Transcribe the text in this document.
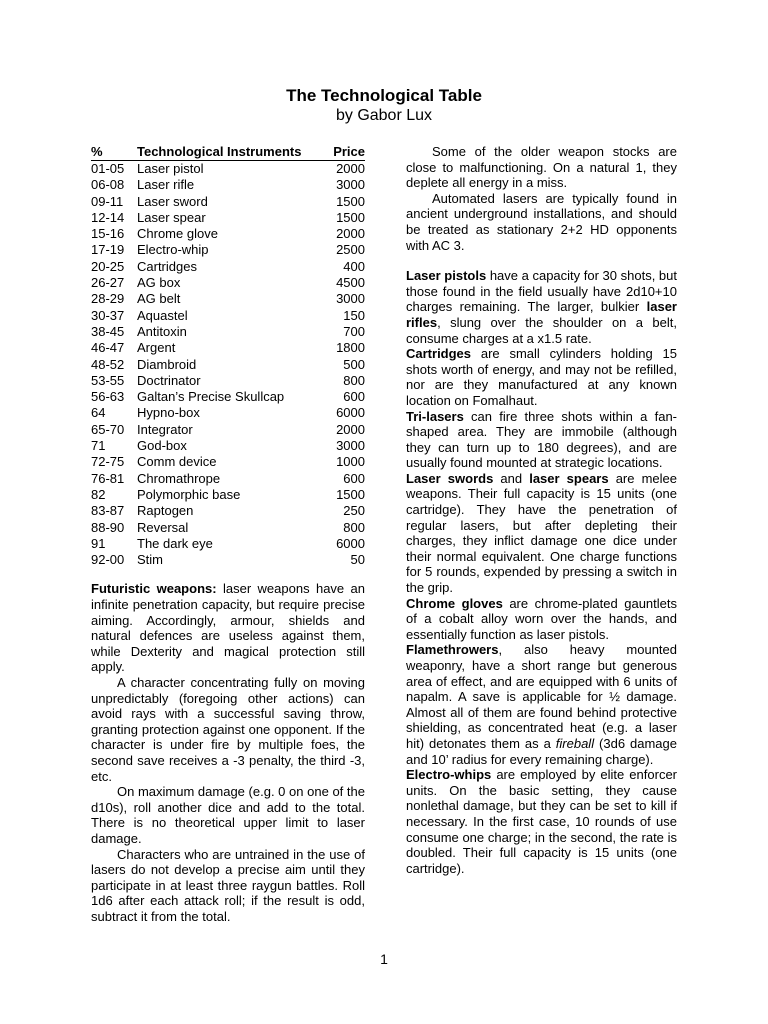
The Technological Table
by Gabor Lux
%	Technological Instruments	Price
01-05	Laser pistol	2000
06-08	Laser rifle	3000
09-11	Laser sword	1500
12-14	Laser spear	1500
15-16	Chrome glove	2000
17-19	Electro-whip	2500
20-25	Cartridges	400
26-27	AG box	4500
28-29	AG belt	3000
30-37	Aquastel	150
38-45	Antitoxin	700
46-47	Argent	1800
48-52	Diambroid	500
53-55	Doctrinator	800
56-63	Galtan’s Precise Skullcap	600
64	Hypno-box	6000
65-70	Integrator	2000
71	God-box	3000
72-75	Comm device	1000
76-81	Chromathrope	600
82	Polymorphic base	1500
83-87	Raptogen	250
88-90	Reversal	800
91	The dark eye	6000
92-00	Stim	50

Futuristic weapons: laser weapons have an infinite penetration capacity, but require precise aiming. Accordingly, armour, shields and natural defences are useless against them, while Dexterity and magical protection still apply.

A character concentrating fully on moving unpredictably (foregoing other actions) can avoid rays with a successful saving throw, granting protection against one opponent. If the character is under fire by multiple foes, the second save receives a -3 penalty, the third -3, etc.

On maximum damage (e.g. 0 on one of the d10s), roll another dice and add to the total. There is no theoretical upper limit to laser damage.

Characters who are untrained in the use of lasers do not develop a precise aim until they participate in at least three raygun battles. Roll 1d6 after each attack roll; if the result is odd, subtract it from the total.

Some of the older weapon stocks are close to malfunctioning. On a natural 1, they deplete all energy in a miss.

Automated lasers are typically found in ancient underground installations, and should be treated as stationary 2+2 HD opponents with AC 3.

Laser pistols have a capacity for 30 shots, but those found in the field usually have 2d10+10 charges remaining. The larger, bulkier laser rifles, slung over the shoulder on a belt, consume charges at a x1.5 rate.

Cartridges are small cylinders holding 15 shots worth of energy, and may not be refilled, nor are they manufactured at any known location on Fomalhaut.

Tri-lasers can fire three shots within a fan-shaped area. They are immobile (although they can turn up to 180 degrees), and are usually found mounted at strategic locations.

Laser swords and laser spears are melee weapons. Their full capacity is 15 units (one cartridge). They have the penetration of regular lasers, but after depleting their charges, they inflict damage one dice under their normal equivalent. One charge functions for 5 rounds, expended by pressing a switch in the grip.

Chrome gloves are chrome-plated gauntlets of a cobalt alloy worn over the hands, and essentially function as laser pistols.

Flamethrowers, also heavy mounted weaponry, have a short range but generous area of effect, and are equipped with 6 units of napalm. A save is applicable for ½ damage. Almost all of them are found behind protective shielding, as concentrated heat (e.g. a laser hit) detonates them as a fireball (3d6 damage and 10’ radius for every remaining charge).

Electro-whips are employed by elite enforcer units. On the basic setting, they cause nonlethal damage, but they can be set to kill if necessary. In the first case, 10 rounds of use consume one charge; in the second, the rate is doubled. Their full capacity is 15 units (one cartridge).

1
